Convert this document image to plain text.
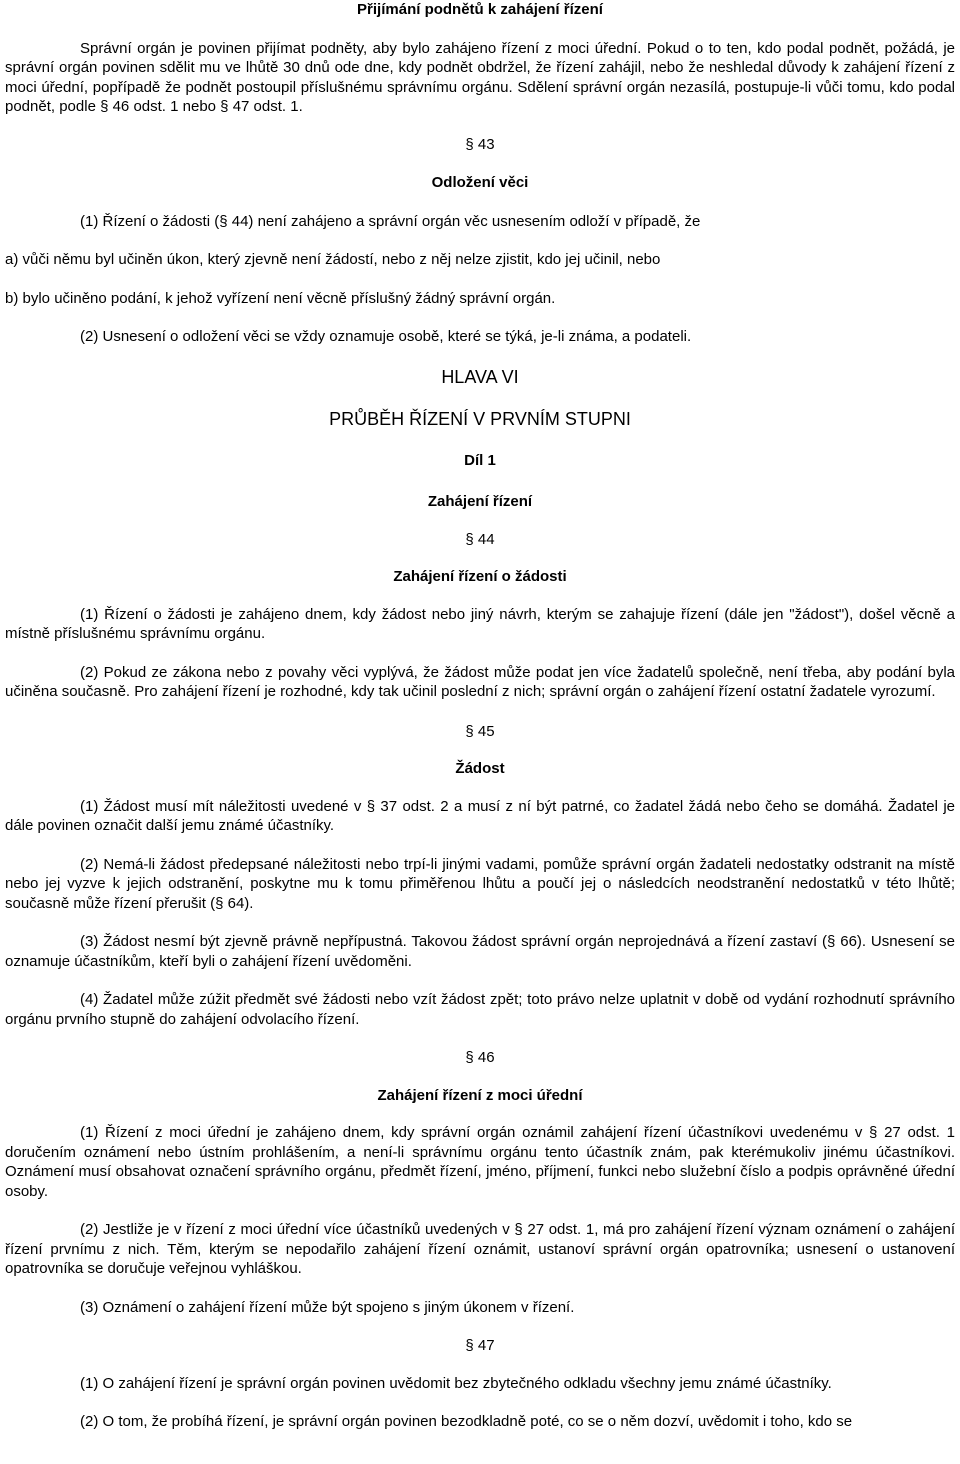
Přijímání podnětů k zahájení řízení

Správní orgán je povinen přijímat podněty, aby bylo zahájeno řízení z moci úřední. Pokud o to ten, kdo podal podnět, požádá, je správní orgán povinen sdělit mu ve lhůtě 30 dnů ode dne, kdy podnět obdržel, že řízení zahájil, nebo že neshledal důvody k zahájení řízení z moci úřední, popřípadě že podnět postoupil příslušnému správnímu orgánu. Sdělení správní orgán nezasílá, postupuje-li vůči tomu, kdo podal podnět, podle § 46 odst. 1 nebo § 47 odst. 1.

§ 43

Odložení věci

(1) Řízení o žádosti (§ 44) není zahájeno a správní orgán věc usnesením odloží v případě, že

a) vůči němu byl učiněn úkon, který zjevně není žádostí, nebo z něj nelze zjistit, kdo jej učinil, nebo

b) bylo učiněno podání, k jehož vyřízení není věcně příslušný žádný správní orgán.

(2) Usnesení o odložení věci se vždy oznamuje osobě, které se týká, je-li známa, a podateli.

HLAVA VI

PRŮBĚH ŘÍZENÍ V PRVNÍM STUPNI

Díl 1

Zahájení řízení

§ 44

Zahájení řízení o žádosti

(1) Řízení o žádosti je zahájeno dnem, kdy žádost nebo jiný návrh, kterým se zahajuje řízení (dále jen "žádost"), došel věcně a místně příslušnému správnímu orgánu.

(2) Pokud ze zákona nebo z povahy věci vyplývá, že žádost může podat jen více žadatelů společně, není třeba, aby podání byla učiněna současně. Pro zahájení řízení je rozhodné, kdy tak učinil poslední z nich; správní orgán o zahájení řízení ostatní žadatele vyrozumí.

§ 45

Žádost

(1) Žádost musí mít náležitosti uvedené v § 37 odst. 2 a musí z ní být patrné, co žadatel žádá nebo čeho se domáhá. Žadatel je dále povinen označit další jemu známé účastníky.

(2) Nemá-li žádost předepsané náležitosti nebo trpí-li jinými vadami, pomůže správní orgán žadateli nedostatky odstranit na místě nebo jej vyzve k jejich odstranění, poskytne mu k tomu přiměřenou lhůtu a poučí jej o následcích neodstranění nedostatků v této lhůtě; současně může řízení přerušit (§ 64).

(3) Žádost nesmí být zjevně právně nepřípustná. Takovou žádost správní orgán neprojednává a řízení zastaví (§ 66). Usnesení se oznamuje účastníkům, kteří byli o zahájení řízení uvědoměni.

(4) Žadatel může zúžit předmět své žádosti nebo vzít žádost zpět; toto právo nelze uplatnit v době od vydání rozhodnutí správního orgánu prvního stupně do zahájení odvolacího řízení.

§ 46

Zahájení řízení z moci úřední

(1) Řízení z moci úřední je zahájeno dnem, kdy správní orgán oznámil zahájení řízení účastníkovi uvedenému v § 27 odst. 1 doručením oznámení nebo ústním prohlášením, a není-li správnímu orgánu tento účastník znám, pak kterémukoliv jinému účastníkovi. Oznámení musí obsahovat označení správního orgánu, předmět řízení, jméno, příjmení, funkci nebo služební číslo a podpis oprávněné úřední osoby.

(2) Jestliže je v řízení z moci úřední více účastníků uvedených v § 27 odst. 1, má pro zahájení řízení význam oznámení o zahájení řízení prvnímu z nich. Těm, kterým se nepodařilo zahájení řízení oznámit, ustanoví správní orgán opatrovníka; usnesení o ustanovení opatrovníka se doručuje veřejnou vyhláškou.

(3) Oznámení o zahájení řízení může být spojeno s jiným úkonem v řízení.

§ 47

(1) O zahájení řízení je správní orgán povinen uvědomit bez zbytečného odkladu všechny jemu známé účastníky.

(2) O tom, že probíhá řízení, je správní orgán povinen bezodkladně poté, co se o něm dozví, uvědomit i toho, kdo se
